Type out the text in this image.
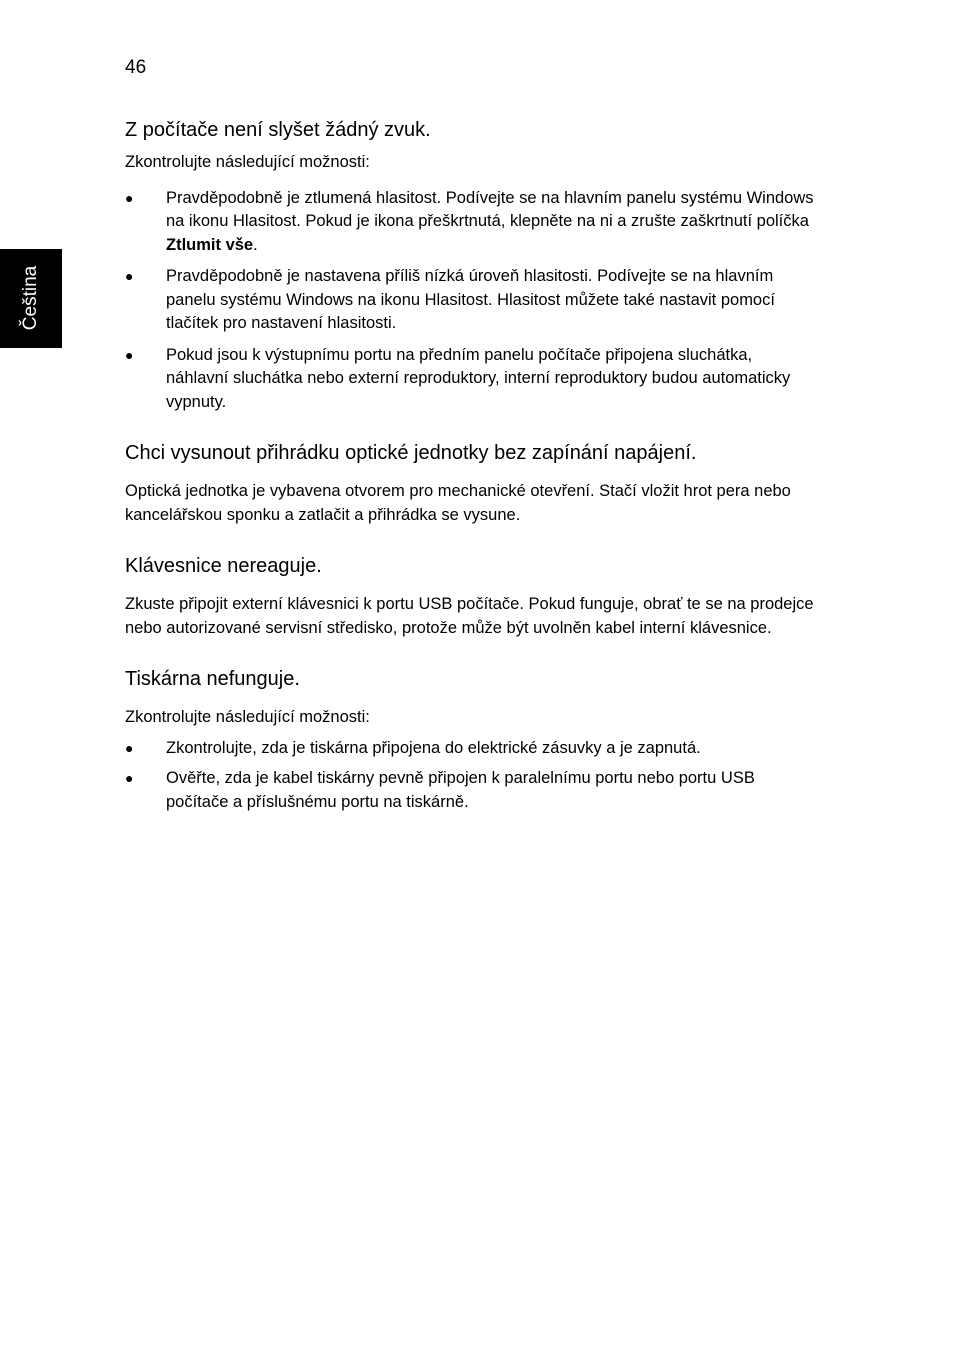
46
Čeština
Z počítače není slyšet žádný zvuk.

Zkontrolujte následující možnosti:

● Pravděpodobně je ztlumená hlasitost. Podívejte se na hlavním panelu systému Windows na ikonu Hlasitost. Pokud je ikona přeškrtnutá, klepněte na ni a zrušte zaškrtnutí políčka Ztlumit vše.
● Pravděpodobně je nastavena příliš nízká úroveň hlasitosti. Podívejte se na hlavním panelu systému Windows na ikonu Hlasitost. Hlasitost můžete také nastavit pomocí tlačítek pro nastavení hlasitosti.
● Pokud jsou k výstupnímu portu na předním panelu počítače připojena sluchátka, náhlavní sluchátka nebo externí reproduktory, interní reproduktory budou automaticky vypnuty.
Chci vysunout přihrádku optické jednotky bez zapínání napájení.

Optická jednotka je vybavena otvorem pro mechanické otevření. Stačí vložit hrot pera nebo kancelářskou sponku a zatlačit a přihrádka se vysune.

Klávesnice nereaguje.

Zkuste připojit externí klávesnici k portu USB počítače. Pokud funguje, obrať te se na prodejce nebo autorizované servisní středisko, protože může být uvolněn kabel interní klávesnice.

Tiskárna nefunguje.

Zkontrolujte následující možnosti:

● Zkontrolujte, zda je tiskárna připojena do elektrické zásuvky a je zapnutá.
● Ověřte, zda je kabel tiskárny pevně připojen k paralelnímu portu nebo portu USB počítače a příslušnému portu na tiskárně.
